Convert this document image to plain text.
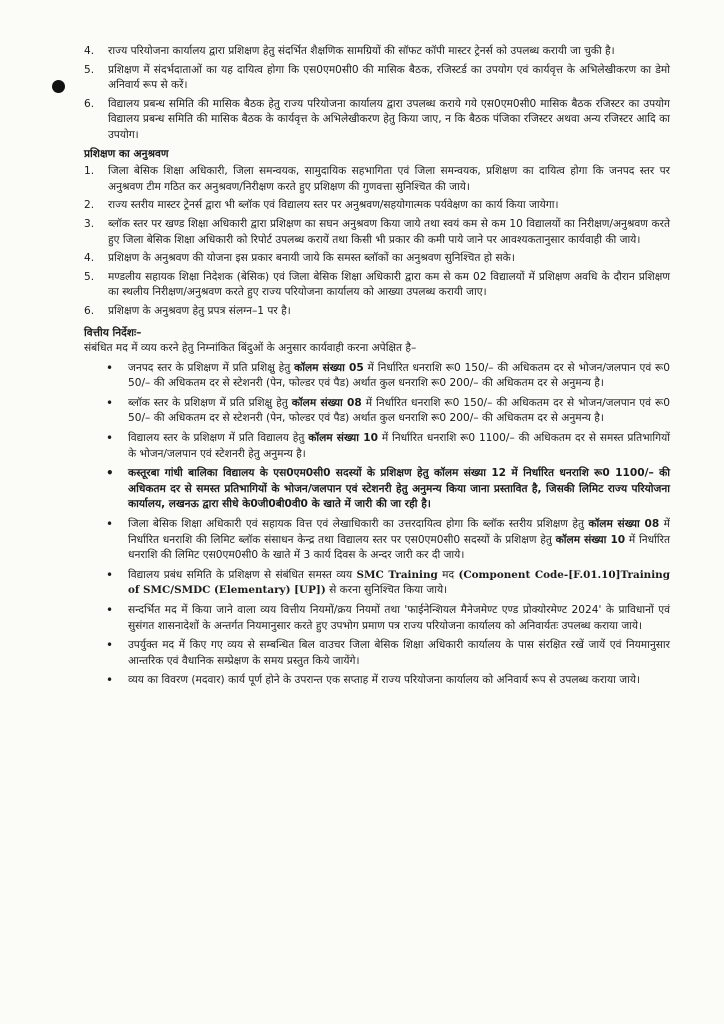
4.	राज्य परियोजना कार्यालय द्वारा प्रशिक्षण हेतु संदर्भित शैक्षणिक सामग्रियों की सॉफट कॉपी मास्टर ट्रेनर्स को उपलब्ध करायी जा चुकी है।
5.	प्रशिक्षण में संदर्भदाताओं का यह दायित्व होगा कि एस0एम0सी0 की मासिक बैठक, रजिस्टर्ड का उपयोग एवं कार्यवृत्त के अभिलेखीकरण का डेमो अनिवार्य रूप से करें।
6.	विद्यालय प्रबन्ध समिति की मासिक बैठक हेतु राज्य परियोजना कार्यालय द्वारा उपलब्ध कराये गये एस0एम0सी0 मासिक बैठक रजिस्टर का उपयोग विद्यालय प्रबन्ध समिति की मासिक बैठक के कार्यवृत्त के अभिलेखीकरण हेतु किया जाए, न कि बैठक पंजिका रजिस्टर अथवा अन्य रजिस्टर आदि का उपयोग।
प्रशिक्षण का अनुश्रवण
1.	जिला बेसिक शिक्षा अधिकारी, जिला समन्वयक, सामुदायिक सहभागिता एवं जिला समन्वयक, प्रशिक्षण का दायित्व होगा कि जनपद स्तर पर अनुश्रवण टीम गठित कर अनुश्रवण/निरीक्षण करते हुए प्रशिक्षण की गुणवत्ता सुनिश्चित की जाये।
2.	राज्य स्तरीय मास्टर ट्रेनर्स द्वारा भी ब्लॉक एवं विद्यालय स्तर पर अनुश्रवण/सहयोगात्मक पर्यवेक्षण का कार्य किया जायेगा।
3.	ब्लॉक स्तर पर खण्ड शिक्षा अधिकारी द्वारा प्रशिक्षण का सघन अनुश्रवण किया जाये तथा स्वयं कम से कम 10 विद्यालयों का निरीक्षण/अनुश्रवण करते हुए जिला बेसिक शिक्षा अधिकारी को रिपोर्ट उपलब्ध करायें तथा किसी भी प्रकार की कमी पाये जाने पर आवश्यकतानुसार कार्यवाही की जाये।
4.	प्रशिक्षण के अनुश्रवण की योजना इस प्रकार बनायी जाये कि समस्त ब्लॉकों का अनुश्रवण सुनिश्चित हो सके।
5.	मण्डलीय सहायक शिक्षा निदेशक (बेसिक) एवं जिला बेसिक शिक्षा अधिकारी द्वारा कम से कम 02 विद्यालयों में प्रशिक्षण अवधि के दौरान प्रशिक्षण का स्थलीय निरीक्षण/अनुश्रवण करते हुए राज्य परियोजना कार्यालय को आख्या उपलब्ध करायी जाए।
6.	प्रशिक्षण के अनुश्रवण हेतु प्रपत्र संलग्न–1 पर है।
वित्तीय निर्देशः–
संबंधित मद में व्यय करने हेतु निम्नांकित बिंदुओं के अनुसार कार्यवाही करना अपेक्षित है–
• जनपद स्तर के प्रशिक्षण में प्रति प्रशिक्षु हेतु कॉलम संख्या 05 में निर्धारित धनराशि रू0 150/– की अधिकतम दर से भोजन/जलपान एवं रू0 50/– की अधिकतम दर से स्टेशनरी (पेन, फोल्डर एवं पैड) अर्थात कुल धनराशि रू0 200/– की अधिकतम दर से अनुमन्य है।
• ब्लॉक स्तर के प्रशिक्षण में प्रति प्रशिक्षु हेतु कॉलम संख्या 08 में निर्धारित धनराशि रू0 150/– की अधिकतम दर से भोजन/जलपान एवं रू0 50/– की अधिकतम दर से स्टेशनरी (पेन, फोल्डर एवं पैड) अर्थात कुल धनराशि रू0 200/– की अधिकतम दर से अनुमन्य है।
• विद्यालय स्तर के प्रशिक्षण में प्रति विद्यालय हेतु कॉलम संख्या 10 में निर्धारित धनराशि रू0 1100/– की अधिकतम दर से समस्त प्रतिभागियों के भोजन/जलपान एवं स्टेशनरी हेतु अनुमन्य है।
• कस्तूरबा गांधी बालिका विद्यालय के एस0एम0सी0 सदस्यों के प्रशिक्षण हेतु कॉलम संख्या 12 में निर्धारित धनराशि रू0 1100/– की अधिकतम दर से समस्त प्रतिभागियों के भोजन/जलपान एवं स्टेशनरी हेतु अनुमन्य किया जाना प्रस्तावित है, जिसकी लिमिट राज्य परियोजना कार्यालय, लखनऊ द्वारा सीधे के0जी0बी0वी0 के खाते में जारी की जा रही है।
• जिला बेसिक शिक्षा अधिकारी एवं सहायक वित्त एवं लेखाधिकारी का उत्तरदायित्व होगा कि ब्लॉक स्तरीय प्रशिक्षण हेतु कॉलम संख्या 08 में निर्धारित धनराशि की लिमिट ब्लॉक संसाधन केन्द्र तथा विद्यालय स्तर पर एस0एम0सी0 सदस्यों के प्रशिक्षण हेतु कॉलम संख्या 10 में निर्धारित धनराशि की लिमिट एस0एम0सी0 के खाते में 3 कार्य दिवस के अन्दर जारी कर दी जाये।
• विद्यालय प्रबंध समिति के प्रशिक्षण से संबंधित समस्त व्यय SMC Training मद (Component Code-[F.01.10]Training of SMC/SMDC (Elementary) [UP]) से करना सुनिश्चित किया जाये।
• सन्दर्भित मद में किया जाने वाला व्यय वित्तीय नियमों/क्रय नियमों तथा 'फाईनेन्शियल मैनेजमेण्ट एण्ड प्रोक्योरमेण्ट 2024' के प्राविधानों एवं सुसंगत शासनादेशों के अन्तर्गत नियमानुसार करते हुए उपभोग प्रमाण पत्र राज्य परियोजना कार्यालय को अनिवार्यतः उपलब्ध कराया जाये।
• उपर्युक्त मद में किए गए व्यय से सम्बन्धित बिल वाउचर जिला बेसिक शिक्षा अधिकारी कार्यालय के पास संरक्षित रखें जायें एवं नियमानुसार आन्तरिक एवं वैधानिक सम्प्रेक्षण के समय प्रस्तुत किये जायेंगे।
• व्यय का विवरण (मदवार) कार्य पूर्ण होने के उपरान्त एक सप्ताह में राज्य परियोजना कार्यालय को अनिवार्य रूप से उपलब्ध कराया जाये।
